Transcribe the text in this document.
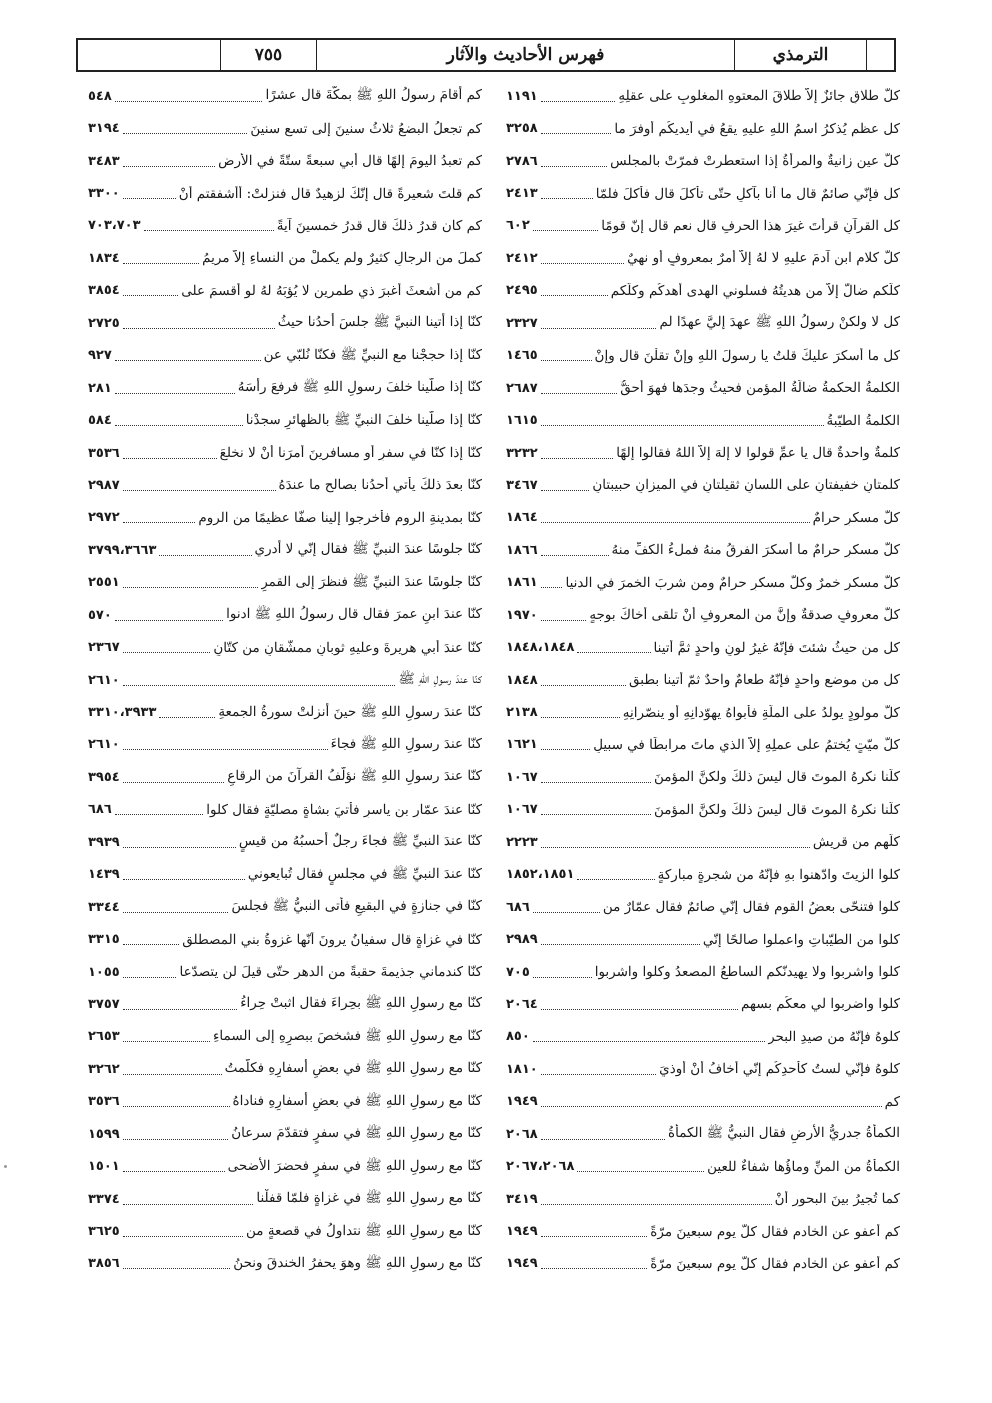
الترمذي
فهرس الأحاديث والآثار
٧٥٥
كلُّ طلاقٍ جائزٌ إلاَّ طلاقَ المعتوهِ المغلوبِ على عقلِهِ
١١٩١
كل عظمٍ يُذكرُ اسمُ اللهِ عليهِ يقعُ في أيديكُم أوفرَ ما
٣٢٥٨
كلُّ عينٍ زانيةٌ والمرأةُ إذا استعطرتْ فمرّتْ بالمجلسِ
٢٧٨٦
كل فإنّي صائمٌ قال ما أنا بآكلٍ حتّى تأكلَ قال فأكلَ فلمّا
٢٤١٣
كل القرآنِ قرأتَ غيرَ هذا الحرفِ قال نعم قال إنّ قومًا
٦٠٢
كلُّ كلامِ ابنِ آدمَ عليهِ لا لهُ إلاَّ أمرٌ بمعروفٍ أو نهيٌ
٢٤١٢
كلُّكم ضالٌّ إلاَّ من هديتُهُ فسلوني الهدى أهدكُم وكلُّكم
٢٤٩٥
كل لا ولكنْ رسولُ اللهِ ﷺ عهدَ إليَّ عهدًا لم
٢٣٢٧
كل ما أسكرَ عليكَ قلتُ يا رسولَ اللهِ وإنْ تقلْنَ قال وإنْ
١٤٦٥
الكلمةُ الحكمةُ ضالّةُ المؤمنِ فحيثُ وجدَها فهوَ أحقُّ
٢٦٨٧
الكلمةُ الطيّبةُ
١٦١٥
كلمةٌ واحدةٌ قال يا عمِّ قولوا لا إلهَ إلاَّ اللهُ فقالوا إلهًا
٣٢٣٢
كلمتانِ خفيفتانِ على اللسانِ ثقيلتانِ في الميزانِ حبيبتانِ
٣٤٦٧
كلُّ مسكرٍ حرامٌ
١٨٦٤
كلُّ مسكرٍ حرامٌ ما أسكرَ الفرقُ منهُ فملءُ الكفِّ منهُ
١٨٦٦
كلُّ مسكرٍ خمرٌ وكلُّ مسكرٍ حرامٌ ومن شربَ الخمرَ في الدنيا
١٨٦١
كلُّ معروفٍ صدقةٌ وإنَّ من المعروفِ أنْ تلقى أخاكَ بوجهٍ
١٩٧٠
كل من حيثُ شئتَ فإنّهُ غيرُ لونٍ واحدٍ ثمَّ أُتينا
١٨٤٨،١٨٤٨
كل من موضعٍ واحدٍ فإنّهُ طعامٌ واحدٌ ثمّ أُتينا بطبقٍ
١٨٤٨
كلُّ مولودٍ يولدُ على الملّةِ فأبواهُ يهوّدانِهِ أو ينصّرانِهِ
٢١٣٨
كلُّ ميّتٍ يُختمُ على عملِهِ إلاَّ الذي ماتَ مرابطًا في سبيلِ
١٦٢١
كلُّنا نكرهُ الموتَ قال ليسَ ذلكَ ولكنَّ المؤمنَ
١٠٦٧
كلُّنا نكرهُ الموتَ قال ليسَ ذلكَ ولكنَّ المؤمنَ
١٠٦٧
كلُّهم من قريشٍ
٢٢٢٣
كلوا الزيتَ وادّهنوا بهِ فإنّهُ من شجرةٍ مباركةٍ
١٨٥٢،١٨٥١
كلوا فتنحّى بعضُ القومِ فقال إنّي صائمٌ فقال عمّارٌ من
٦٨٦
كلوا من الطيّباتِ واعملوا صالحًا إنّي
٢٩٨٩
كلوا واشربوا ولا يهيدنّكم الساطعُ المصعدُ وكلوا واشربوا
٧٠٥
كلوا واضربوا لي معكُم بسهمٍ
٢٠٦٤
كلوهُ فإنّهُ من صيدِ البحرِ
٨٥٠
كلوهُ فإنّي لستُ كأحدِكُم إنّي أخافُ أنْ أوذيَ
١٨١٠
كم
١٩٤٩
الكمأةُ جدريُّ الأرضِ فقال النبيُّ ﷺ الكمأةُ
٢٠٦٨
الكمأةُ من المنِّ وماؤُها شفاءٌ للعينِ
٢٠٦٧،٢٠٦٨
كما تُجيرُ بينَ البحورِ أنْ
٣٤١٩
كم أعفو عن الخادمِ فقال كلَّ يومٍ سبعينَ مرّةً
١٩٤٩
كم أعفو عن الخادمِ فقال كلَّ يومٍ سبعينَ مرّةً
١٩٤٩
كم أقامَ رسولُ اللهِ ﷺ بمكّةَ قال عشرًا
٥٤٨
كم تجعلُ البضعُ ثلاثُ سنينَ إلى تسعِ سنينَ
٣١٩٤
كم تعبدُ اليومَ إلهًا قال أبي سبعةً ستّةً في الأرضِ
٣٤٨٣
كم قلتَ شعيرةً قال إنّكَ لزهيدٌ قال فنزلتْ: أأشفقتم أنْ
٣٣٠٠
كم كان قدرُ ذلكَ قال قدرُ خمسينَ آيةً
٧٠٣،٧٠٣
كملَ من الرجالِ كثيرٌ ولم يكملْ من النساءِ إلاَّ مريمُ
١٨٣٤
كم من أشعثَ أغبرَ ذي طمرينِ لا يُؤبَهُ لهُ لو أقسمَ على
٣٨٥٤
كنّا إذا أتينا النبيَّ ﷺ جلسَ أحدُنا حيثُ
٢٧٢٥
كنّا إذا حججْنا مع النبيِّ ﷺ فكنّا نُلبّي عن
٩٢٧
كنّا إذا صلّينا خلفَ رسولِ اللهِ ﷺ فرفعَ رأسَهُ
٢٨١
كنّا إذا صلّينا خلفَ النبيِّ ﷺ بالظهائرِ سجدْنا
٥٨٤
كنّا إذا كنّا في سفرٍ أو مسافرينَ أمرَنا أنْ لا نخلعَ
٣٥٣٦
كنّا بعدَ ذلكَ يأتي أحدُنا بصالحٍ ما عندَهُ
٢٩٨٧
كنّا بمدينةِ الرومِ فأخرجوا إلينا صفًّا عظيمًا من الرومِ
٢٩٧٢
كنّا جلوسًا عندَ النبيِّ ﷺ فقال إنّي لا أدري
٣٧٩٩،٣٦٦٣
كنّا جلوسًا عندَ النبيِّ ﷺ فنظرَ إلى القمرِ
٢٥٥١
كنّا عندَ ابنِ عمرَ فقال قال رسولُ اللهِ ﷺ ادنوا
٥٧٠
كنّا عندَ أبي هريرةَ وعليهِ ثوبانِ ممشّقانِ من كتّانٍ
٢٣٦٧
كنّا عندَ رسولِ اللهِ ﷺ
٢٦١٠
كنّا عندَ رسولِ اللهِ ﷺ حينَ أُنزلتْ سورةُ الجمعةِ
٣٣١٠،٣٩٣٣
كنّا عندَ رسولِ اللهِ ﷺ فجاءَ
٢٦١٠
كنّا عندَ رسولِ اللهِ ﷺ نؤلّفُ القرآنَ من الرقاعِ
٣٩٥٤
كنّا عندَ عمّارِ بنِ ياسرٍ فأُتيَ بشاةٍ مصليّةٍ فقال كلوا
٦٨٦
كنّا عندَ النبيِّ ﷺ فجاءَ رجلٌ أحسبُهُ من قيسٍ
٣٩٣٩
كنّا عندَ النبيِّ ﷺ في مجلسٍ فقال تُبايعوني
١٤٣٩
كنّا في جنازةٍ في البقيعِ فأتى النبيُّ ﷺ فجلسَ
٣٣٤٤
كنّا في غزاةٍ قال سفيانُ يرونَ أنّها غزوةُ بني المصطلقِ
٣٣١٥
كنّا كندماني جذيمةَ حقبةً من الدهرِ حتّى قيلَ لن يتصدّعا
١٠٥٥
كنّا مع رسولِ اللهِ ﷺ بحِراءَ فقال اثبتْ حِراءُ
٣٧٥٧
كنّا مع رسولِ اللهِ ﷺ فشخصَ ببصرِهِ إلى السماءِ
٢٦٥٣
كنّا مع رسولِ اللهِ ﷺ في بعضِ أسفارِهِ فكلّمتُ
٣٢٦٢
كنّا مع رسولِ اللهِ ﷺ في بعضِ أسفارِهِ فناداهُ
٣٥٣٦
كنّا مع رسولِ اللهِ ﷺ في سفرٍ فتقدّمَ سرعانُ
١٥٩٩
كنّا مع رسولِ اللهِ ﷺ في سفرٍ فحضرَ الأضحى
١٥٠١
كنّا مع رسولِ اللهِ ﷺ في غزاةٍ فلمّا قفلْنا
٣٣٧٤
كنّا مع رسولِ اللهِ ﷺ نتداولُ في قصعةٍ من
٣٦٢٥
كنّا مع رسولِ اللهِ ﷺ وهوَ يحفرُ الخندقَ ونحنُ
٣٨٥٦
